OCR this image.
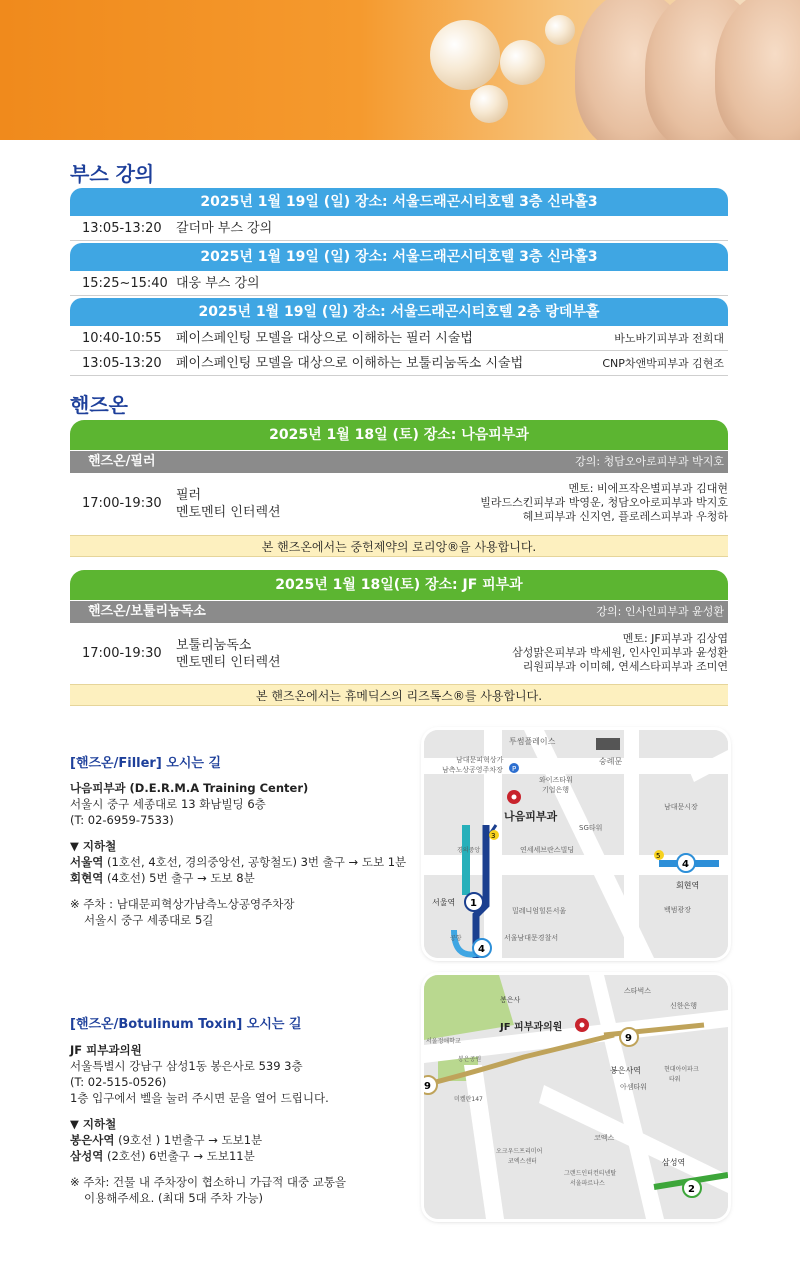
부스 강의
2025년 1월 19일 (일) 장소: 서울드래곤시티호텔 3층 신라홀3
13:05-13:20	갈더마 부스 강의
2025년 1월 19일 (일) 장소: 서울드래곤시티호텔 3층 신라홀3
15:25~15:40 대웅 부스 강의
2025년 1월 19일 (일) 장소: 서울드래곤시티호텔 2층 랑데부홀
10:40-10:55	페이스페인팅 모델을 대상으로 이해하는 필러 시술법	바노바기피부과 전희대
13:05-13:20	페이스페인팅 모델을 대상으로 이해하는 보툴리눔독소 시술법	CNP차앤박피부과 김현조
핸즈온
2025년 1월 18일 (토) 장소: 나음피부과
핸즈온/필러	강의: 청담오아로피부과 박지호
17:00-19:30
필러
멘토멘티 인터렉션
멘토: 비에프작은별피부과 김대현
빌라드스킨피부과 박영운, 청담오아로피부과 박지호
헤브피부과 신지연, 플로레스피부과 우청하
본 핸즈온에서는 중헌제약의 로리앙®을 사용합니다.
2025년 1월 18일(토) 장소: JF 피부과
핸즈온/보툴리눔독소	강의: 인사인피부과 윤성환
17:00-19:30
보툴리눔독소
멘토멘티 인터렉션
멘토: JF피부과 김상엽
삼성맑은피부과 박세원, 인사인피부과 윤성환
리원피부과 이미혜, 연세스타피부과 조미연
본 핸즈온에서는 휴메딕스의 리즈톡스®를 사용합니다.
[핸즈온/Filler] 오시는 길
나음피부과 (D.E.R.M.A Training Center)
서울시 중구 세종대로 13 화남빌딩 6층
(T: 02-6959-7533)
▼ 지하철
서울역 (1호선, 4호선, 경의중앙선, 공항철도) 3번 출구 → 도보 1분
회현역 (4호선) 5번 출구 → 도보 8분
※ 주차 : 남대문피혁상가남측노상공영주차장
서울시 중구 세종대로 5길
P
1
4
4
3
5
투썸플레이스
남대문피혁상가
남측노상공영주차장
숭례문
와이즈타워
기업은행
남대문시장
나음피부과
SG타워
연세세브란스빌딩
회현역
서울역
밀레니엄힐튼서울	백범광장
서울남대문경찰서
공항
경의중앙
[핸즈온/Botulinum Toxin] 오시는 길
JF 피부과의원
서울특별시 강남구 삼성1동 봉은사로 539 3층
(T: 02-515-0526)
1층 입구에서 벨을 눌러 주시면 문을 열어 드립니다.
▼ 지하철
봉은사역 (9호선 ) 1번출구 → 도보1분
삼성역 (2호선) 6번출구 → 도보11분
※ 주차: 건물 내 주차장이 협소하니 가급적 대중 교통을
이용해주세요. (최대 5대 주차 가능)
9
9
2
봉은사
스타벅스
신한은행
서울정애학교
JF 피부과의원
봉은공원
봉은사역	현대아이파크
타워
아셈타워
미켈란147
코엑스
오크우드프리미어
코엑스센터
그랜드인터컨티넨탈
서울파르나스
삼성역
